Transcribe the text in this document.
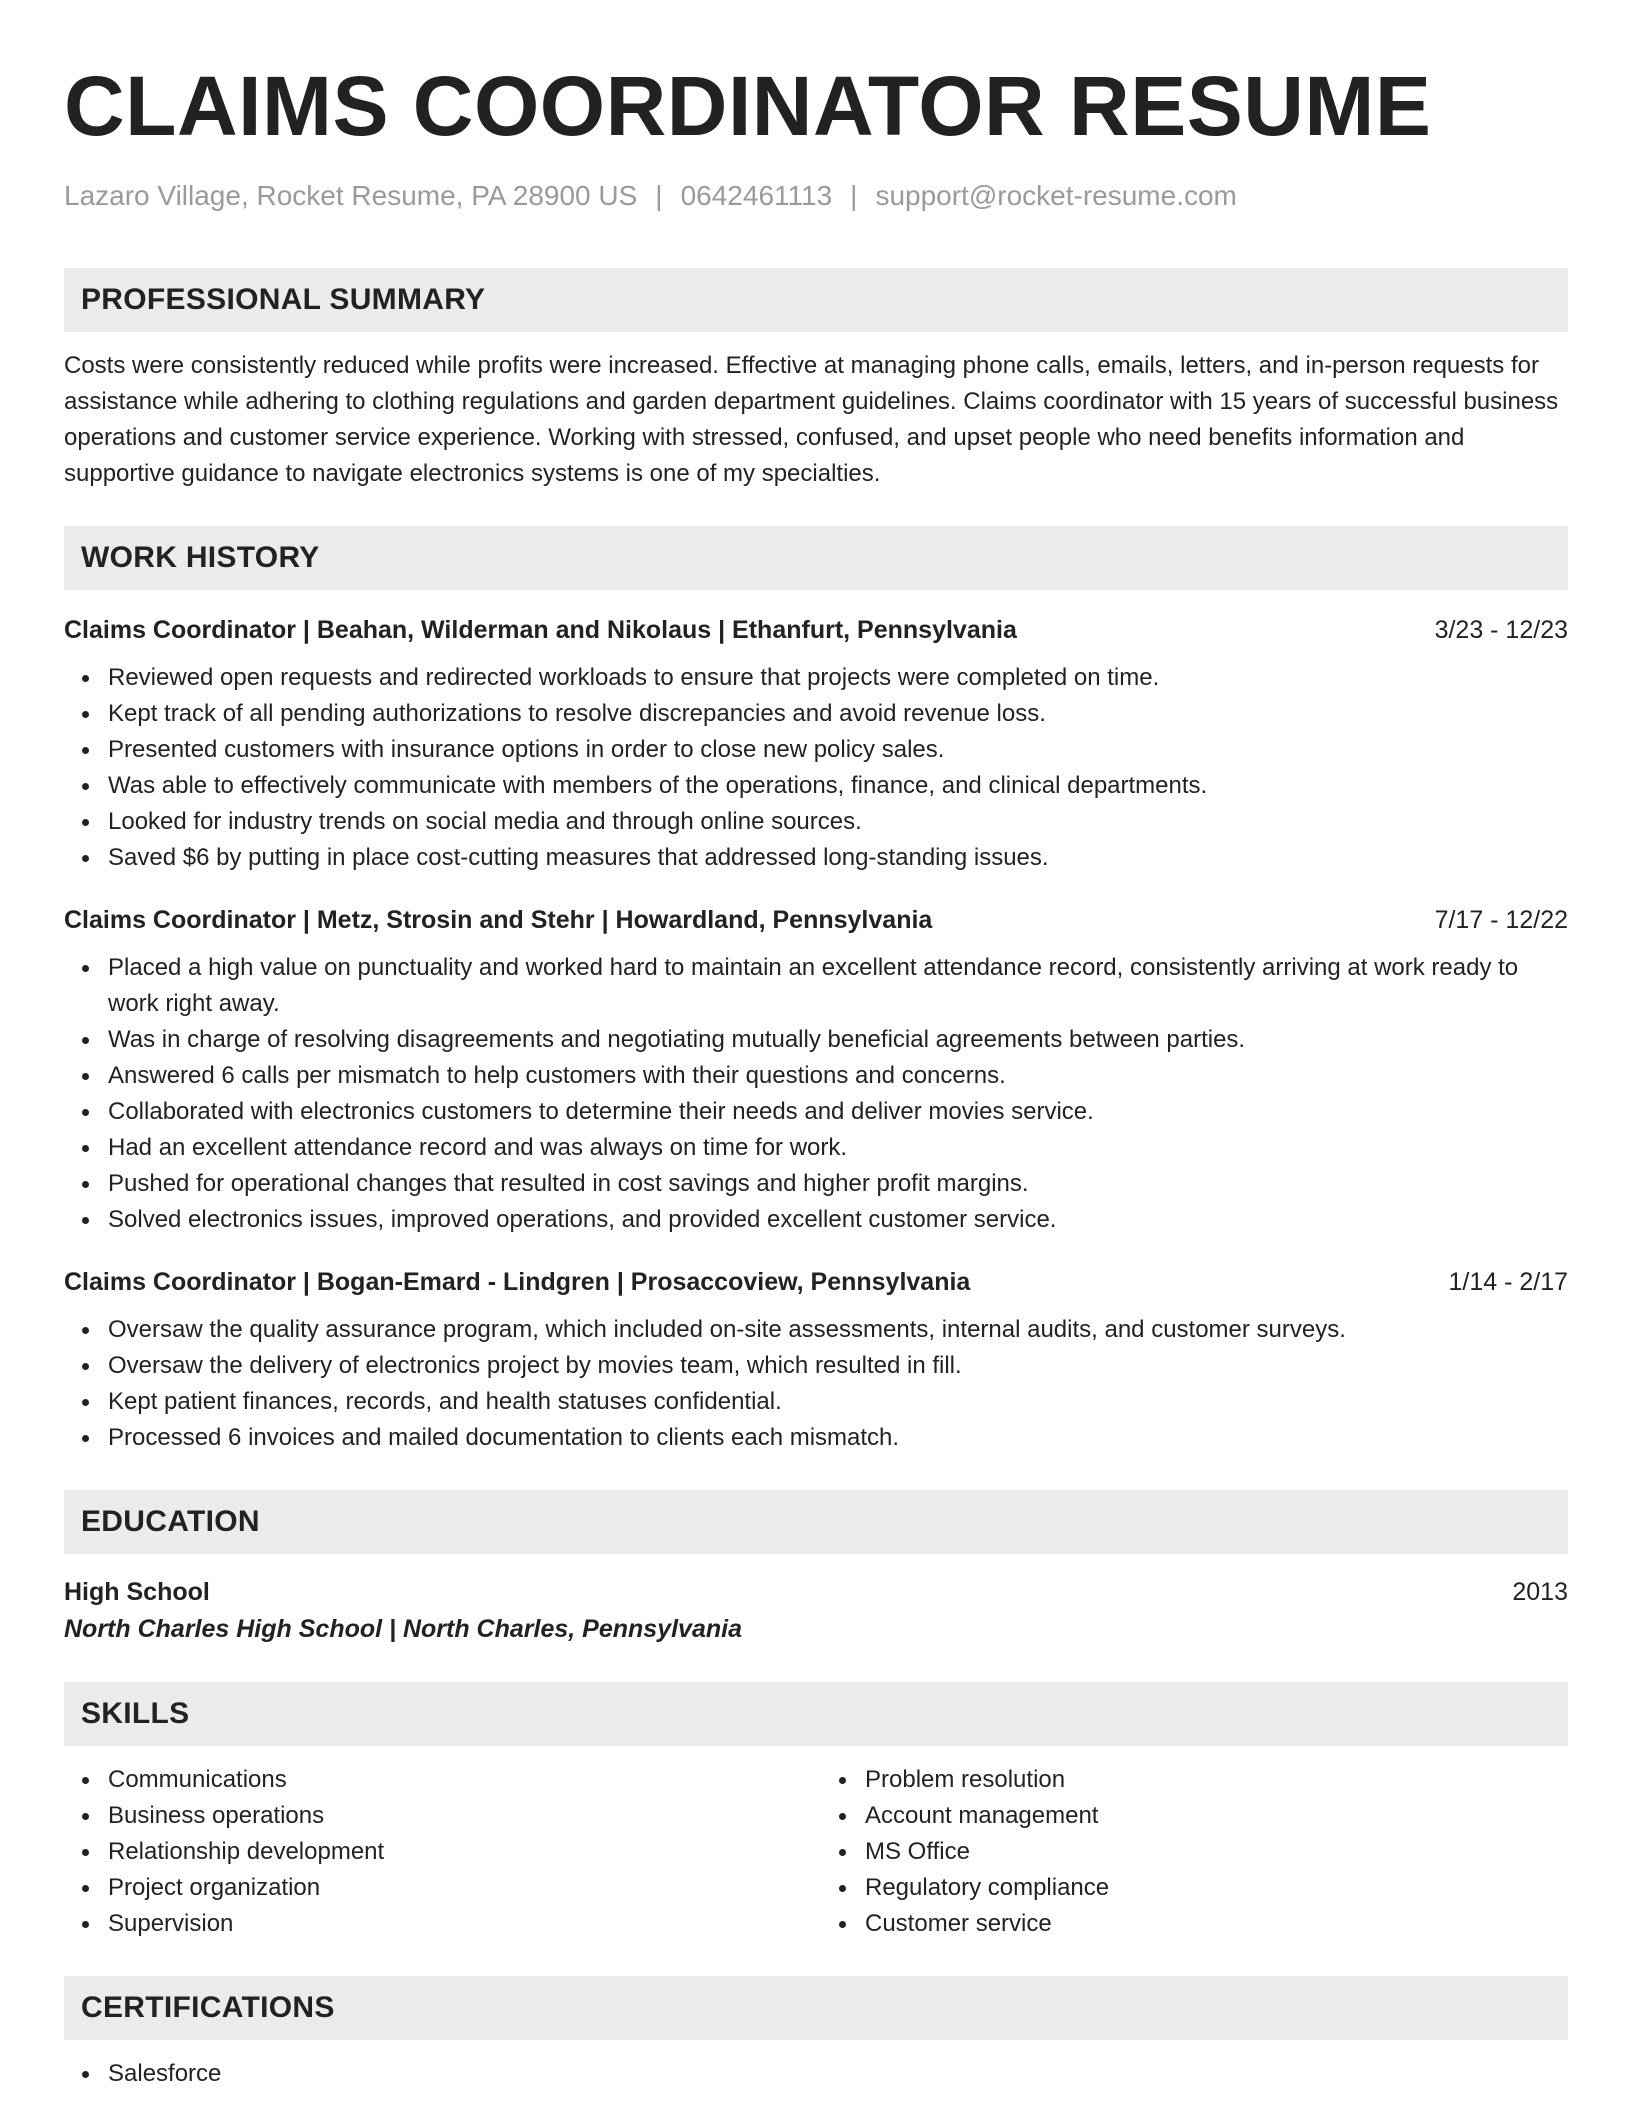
CLAIMS COORDINATOR RESUME
Lazaro Village, Rocket Resume, PA 28900 US | 0642461113 | support@rocket-resume.com
PROFESSIONAL SUMMARY

Costs were consistently reduced while profits were increased. Effective at managing phone calls, emails, letters, and in-person requests for assistance while adhering to clothing regulations and garden department guidelines. Claims coordinator with 15 years of successful business operations and customer service experience. Working with stressed, confused, and upset people who need benefits information and supportive guidance to navigate electronics systems is one of my specialties.

WORK HISTORY
Claims Coordinator | Beahan, Wilderman and Nikolaus | Ethanfurt, Pennsylvania	3/23 - 12/23
Reviewed open requests and redirected workloads to ensure that projects were completed on time.
Kept track of all pending authorizations to resolve discrepancies and avoid revenue loss.
Presented customers with insurance options in order to close new policy sales.
Was able to effectively communicate with members of the operations, finance, and clinical departments.
Looked for industry trends on social media and through online sources.
Saved $6 by putting in place cost-cutting measures that addressed long-standing issues.
Claims Coordinator | Metz, Strosin and Stehr | Howardland, Pennsylvania	7/17 - 12/22
Placed a high value on punctuality and worked hard to maintain an excellent attendance record, consistently arriving at work ready to work right away.
Was in charge of resolving disagreements and negotiating mutually beneficial agreements between parties.
Answered 6 calls per mismatch to help customers with their questions and concerns.
Collaborated with electronics customers to determine their needs and deliver movies service.
Had an excellent attendance record and was always on time for work.
Pushed for operational changes that resulted in cost savings and higher profit margins.
Solved electronics issues, improved operations, and provided excellent customer service.
Claims Coordinator | Bogan-Emard - Lindgren | Prosaccoview, Pennsylvania	1/14 - 2/17
Oversaw the quality assurance program, which included on-site assessments, internal audits, and customer surveys.
Oversaw the delivery of electronics project by movies team, which resulted in fill.
Kept patient finances, records, and health statuses confidential.
Processed 6 invoices and mailed documentation to clients each mismatch.
EDUCATION
High School	2013
North Charles High School | North Charles, Pennsylvania
SKILLS
Communications
Business operations
Relationship development
Project organization
Supervision
Problem resolution
Account management
MS Office
Regulatory compliance
Customer service
CERTIFICATIONS
Salesforce
